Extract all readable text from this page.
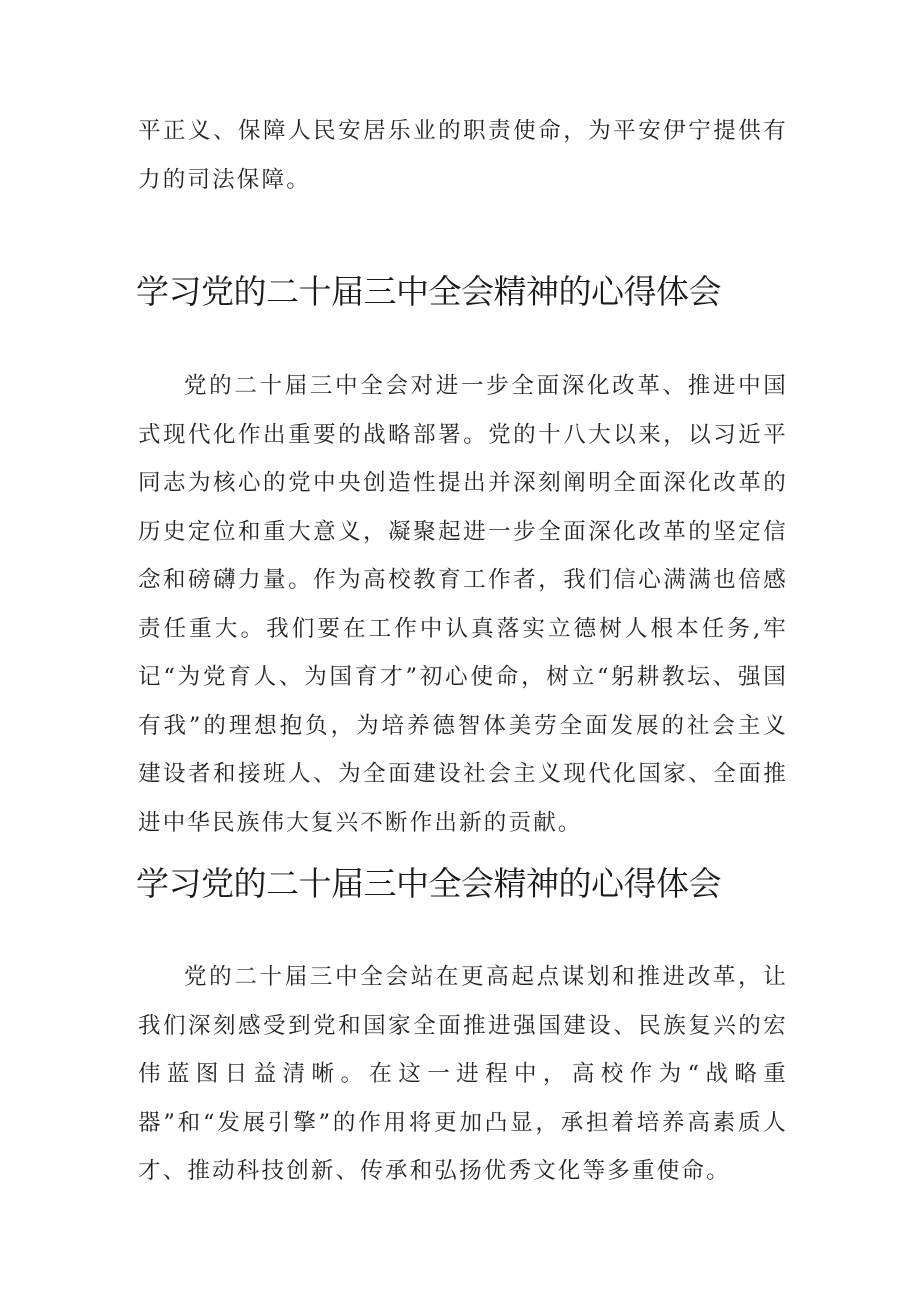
平正义、保障人民安居乐业的职责使命，为平安伊宁提供有力的司法保障。

学习党的二十届三中全会精神的心得体会

党的二十届三中全会对进一步全面深化改革、推进中国式现代化作出重要的战略部署。党的十八大以来，以习近平同志为核心的党中央创造性提出并深刻阐明全面深化改革的历史定位和重大意义，凝聚起进一步全面深化改革的坚定信念和磅礴力量。作为高校教育工作者，我们信心满满也倍感责任重大。我们要在工作中认真落实立德树人根本任务,牢记“为党育人、为国育才”初心使命，树立“躬耕教坛、强国有我”的理想抱负，为培养德智体美劳全面发展的社会主义建设者和接班人、为全面建设社会主义现代化国家、全面推进中华民族伟大复兴不断作出新的贡献。

学习党的二十届三中全会精神的心得体会

党的二十届三中全会站在更高起点谋划和推进改革，让我们深刻感受到党和国家全面推进强国建设、民族复兴的宏伟蓝图日益清晰。在这一进程中，高校作为“战略重器”和“发展引擎”的作用将更加凸显，承担着培养高素质人才、推动科技创新、传承和弘扬优秀文化等多重使命。
